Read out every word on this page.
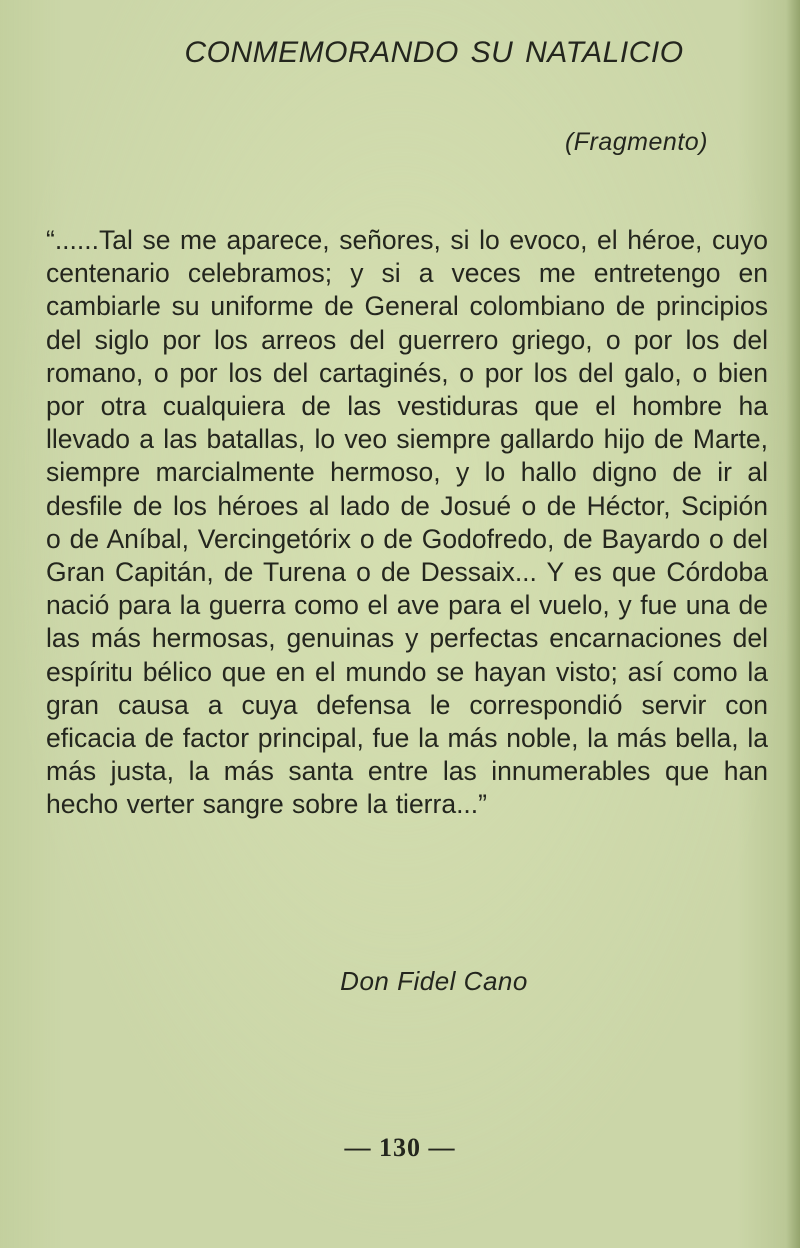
CONMEMORANDO SU NATALICIO
(Fragmento)

“......Tal se me aparece, señores, si lo evoco, el héroe, cuyo centenario celebramos; y si a veces me entretengo en cambiarle su uniforme de General colombiano de principios del siglo por los arreos del guerrero griego, o por los del romano, o por los del cartaginés, o por los del galo, o bien por otra cualquiera de las vestiduras que el hombre ha llevado a las batallas, lo veo siempre gallardo hijo de Marte, siempre marcialmente hermoso, y lo hallo digno de ir al desfile de los héroes al lado de Josué o de Héctor, Scipión o de Aníbal, Vercingetórix o de Godofredo, de Bayardo o del Gran Capitán, de Turena o de Dessaix... Y es que Córdoba nació para la guerra como el ave para el vuelo, y fue una de las más hermosas, genuinas y perfectas encarnaciones del espíritu bélico que en el mundo se hayan visto; así como la gran causa a cuya defensa le correspondió servir con eficacia de factor principal, fue la más noble, la más bella, la más justa, la más santa entre las innumerables que han hecho verter sangre sobre la tierra...”

Don Fidel Cano
— 130 —
